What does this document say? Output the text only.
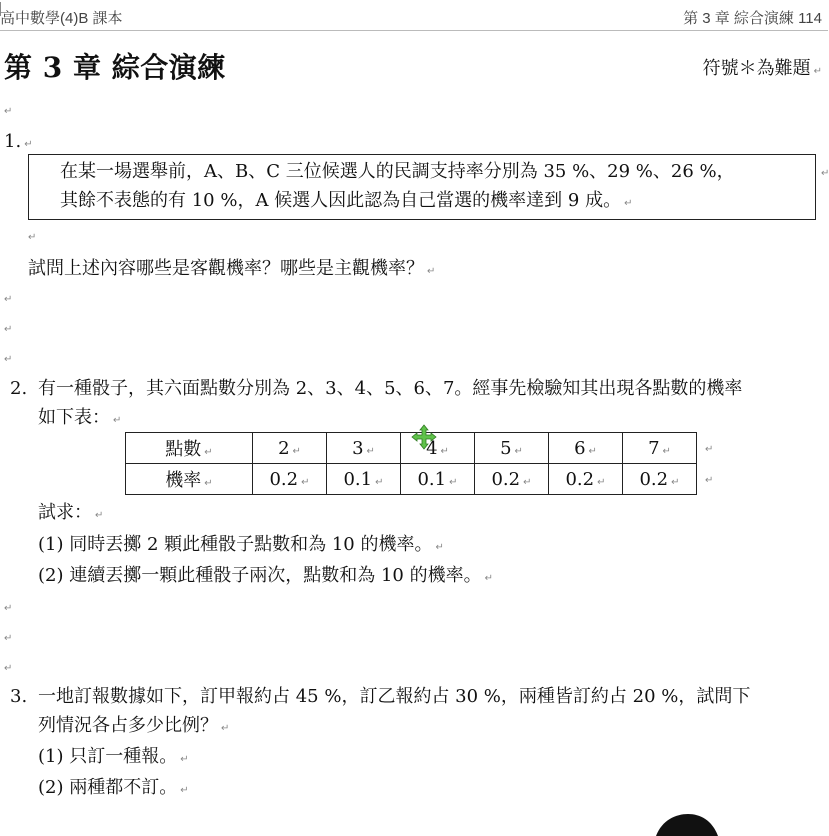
高中數學(4)B 課本	第 3 章 綜合演練 114
第 3 章 綜合演練	符號＊為難題 ↵
↵
1. ↵
在某一場選舉前，A、B、C 三位候選人的民調支持率分別為 35 %、29 %、26 %，
其餘不表態的有 10 %，A 候選人因此認為自己當選的機率達到 9 成。 ↵
↵
↵
試問上述內容哪些是客觀機率？哪些是主觀機率？ ↵
↵
↵
↵
2. 有一種骰子，其六面點數分別為 2、3、4、5、6、7。經事先檢驗知其出現各點數的機率
如下表： ↵
點數 ↵	2 ↵	3 ↵	4 ↵	5 ↵	6 ↵	7 ↵
機率 ↵	0.2 ↵	0.1 ↵	0.1 ↵	0.2 ↵	0.2 ↵	0.2 ↵
↵
↵
試求： ↵
(1) 同時丟擲 2 顆此種骰子點數和為 10 的機率。 ↵
(2) 連續丟擲一顆此種骰子兩次，點數和為 10 的機率。 ↵
↵
↵
↵
3. 一地訂報數據如下，訂甲報約占 45 %，訂乙報約占 30 %，兩種皆訂約占 20 %，試問下
列情況各占多少比例？ ↵
(1) 只訂一種報。 ↵
(2) 兩種都不訂。 ↵
